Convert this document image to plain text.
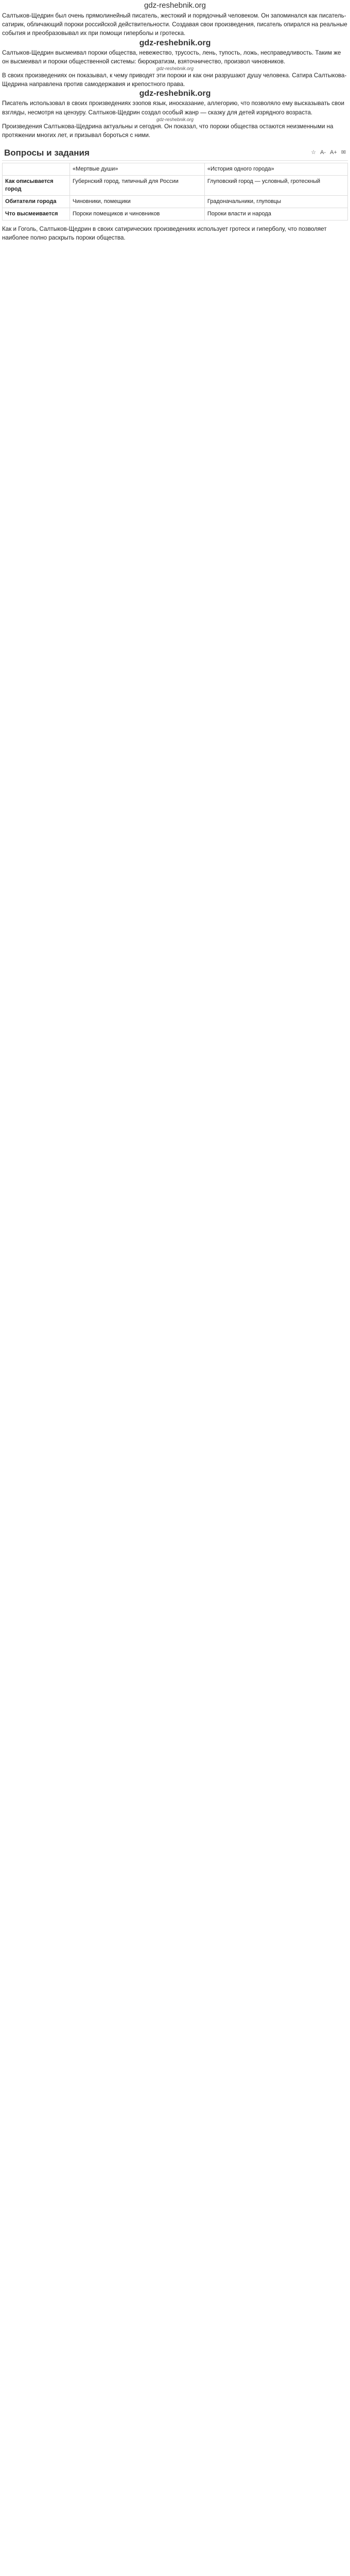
gdz-reshebnik.org

Салтыков-Щедрин был очень прямолинейный писатель, жестокий и порядочный человеком. Он запоминался как писатель-сатирик, обличающий пороки российской действительности. Создавая свои произведения, писатель опирался на реальные события и преобразовывал их при помощи гиперболы и гротеска.

gdz-reshebnik.org

Салтыков-Щедрин высмеивал пороки общества, невежество, трусость, лень, тупость, ложь, несправедливость. Таким же он высмеивал и пороки общественной системы: бюрократизм, взяточничество, произвол чиновников.

gdz-reshebnik.org

В своих произведениях он показывал, к чему приводят эти пороки и как они разрушают душу человека. Сатира Салтыкова-Щедрина направлена против самодержавия и крепостного права.

gdz-reshebnik.org

Писатель использовал в своих произведениях эзопов язык, иносказание, аллегорию, что позволяло ему высказывать свои взгляды, несмотря на цензуру. Салтыков-Щедрин создал особый жанр — сказку для детей изрядного возраста.

gdz-reshebnik.org

Произведения Салтыкова-Щедрина актуальны и сегодня. Он показал, что пороки общества остаются неизменными на протяжении многих лет, и призывал бороться с ними.

Вопросы и задания	☆ A- A+ ✉
	«Мертвые души»	«История одного города»
Как описывается город	Губернский город, типичный для России	Глуповский город — условный, гротескный
Обитатели города	Чиновники, помещики	Градоначальники, глуповцы
Что высмеивается	Пороки помещиков и чиновников	Пороки власти и народа

Как и Гоголь, Салтыков-Щедрин в своих сатирических произведениях использует гротеск и гиперболу, что позволяет наиболее полно раскрыть пороки общества.
